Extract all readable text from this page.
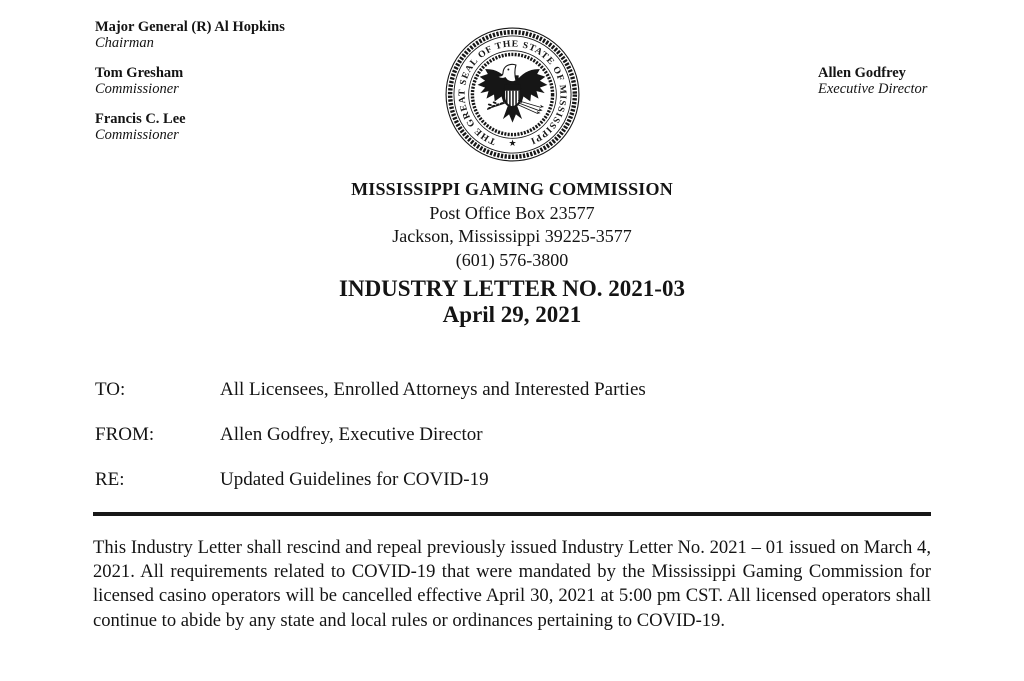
Major General (R) Al Hopkins
Chairman
Tom Gresham
Commissioner
Francis C. Lee
Commissioner
Allen Godfrey
Executive Director
THE GREAT SEAL OF THE STATE OF MISSISSIPPI
★
MISSISSIPPI GAMING COMMISSION
Post Office Box 23577
Jackson, Mississippi 39225-3577
(601) 576-3800
INDUSTRY LETTER NO. 2021-03
April 29, 2021
TO:	All Licensees, Enrolled Attorneys and Interested Parties
FROM:	Allen Godfrey, Executive Director
RE:	Updated Guidelines for COVID-19

This Industry Letter shall rescind and repeal previously issued Industry Letter No. 2021 – 01 issued on March 4, 2021. All requirements related to COVID-19 that were mandated by the Mississippi Gaming Commission for licensed casino operators will be cancelled effective April 30, 2021 at 5:00 pm CST. All licensed operators shall continue to abide by any state and local rules or ordinances pertaining to COVID-19.
